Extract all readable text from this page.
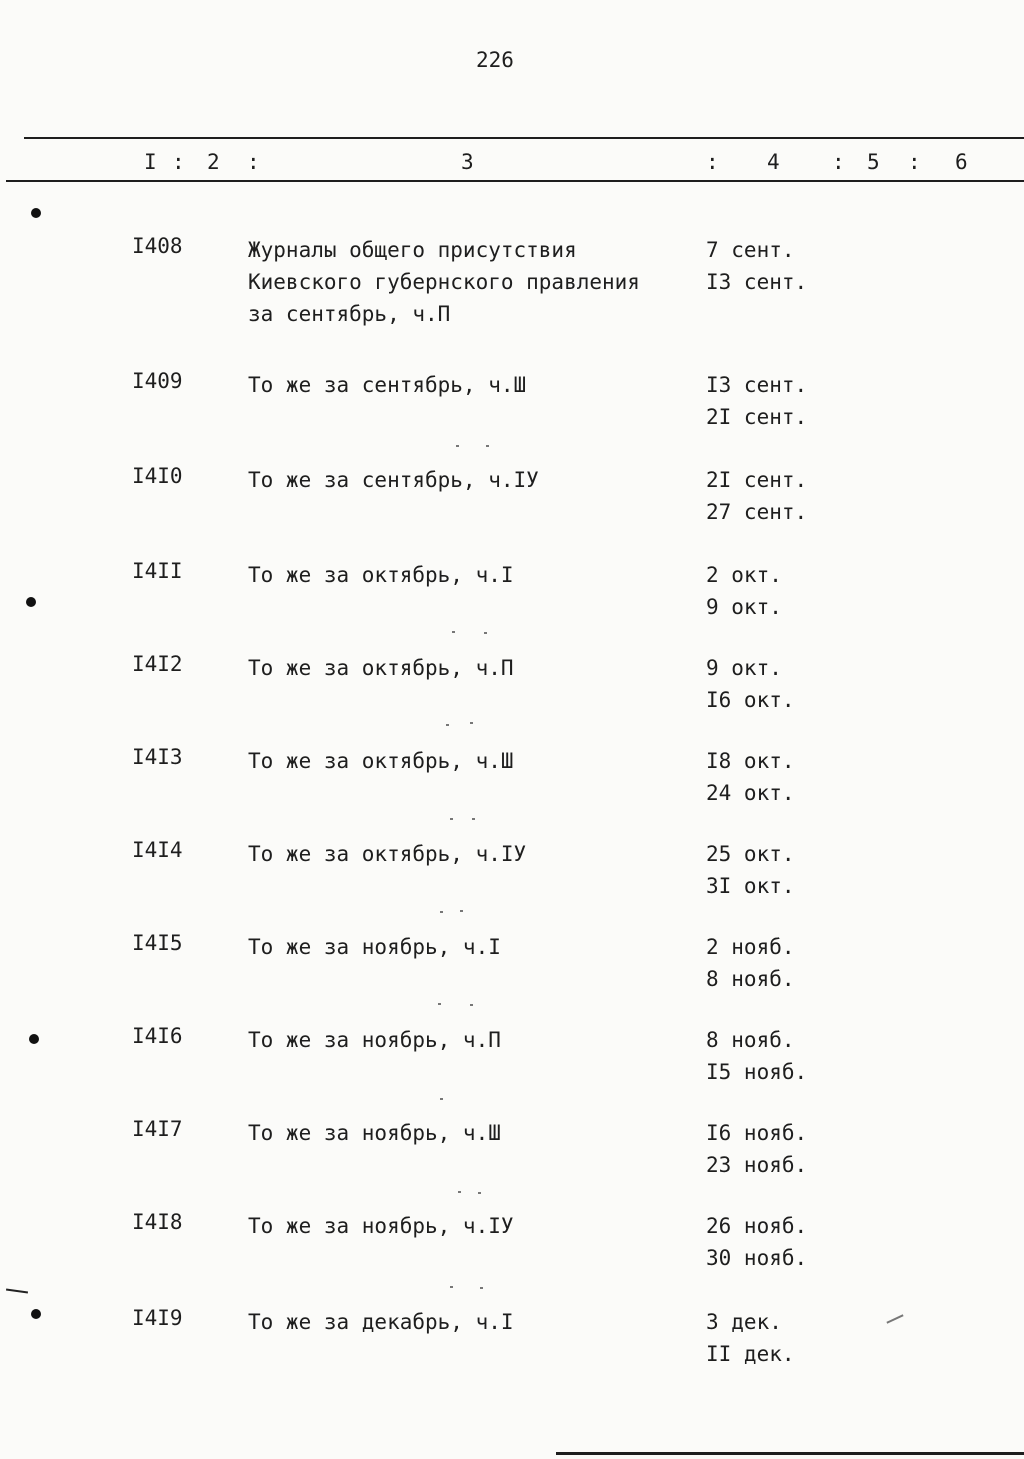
226
I : 2 :	3	: 4 : 5 : 6
I408	Журналы общего присутствия Киевского губернского правления за сентябрь, ч.П
7 сент.
I3 сент.
I409	То же за сентябрь, ч.Ш	I3 сент.
2I сент.
I4I0	То же за сентябрь, ч.IУ	2I сент.
27 сент.
I4II	То же за октябрь, ч.I	2 окт.
9 окт.
I4I2	То же за октябрь, ч.П	9 окт.
I6 окт.
I4I3	То же за октябрь, ч.Ш	I8 окт.
24 окт.
I4I4	То же за октябрь, ч.IУ	25 окт.
3I окт.
I4I5	То же за ноябрь, ч.I	2 нояб.
8 нояб.
I4I6	То же за ноябрь, ч.П	8 нояб.
I5 нояб.
I4I7	То же за ноябрь, ч.Ш	I6 нояб.
23 нояб.
I4I8	То же за ноябрь, ч.IУ	26 нояб.
30 нояб.
I4I9	То же за декабрь, ч.I	3 дек.
II дек.
